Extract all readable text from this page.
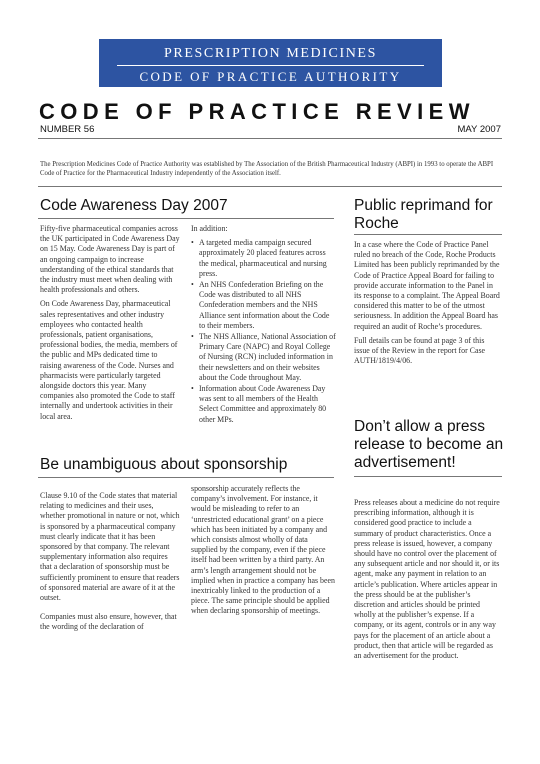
PRESCRIPTION MEDICINES
CODE OF PRACTICE AUTHORITY
CODE OF PRACTICE REVIEW
NUMBER 56	MAY 2007
The Prescription Medicines Code of Practice Authority was established by The Association of the British Pharmaceutical Industry (ABPI) in 1993 to operate the ABPI Code of Practice for the Pharmaceutical Industry independently of the Association itself.
Code Awareness Day 2007

Fifty-five pharmaceutical companies across the UK participated in Code Awareness Day on 15 May. Code Awareness Day is part of an ongoing campaign to increase understanding of the ethical standards that the industry must meet when dealing with health professionals and others.

On Code Awareness Day, pharmaceutical sales representatives and other industry employees who contacted health professionals, patient organisations, professional bodies, the media, members of the public and MPs dedicated time to raising awareness of the Code. Nurses and pharmacists were particularly targeted alongside doctors this year. Many companies also promoted the Code to staff internally and undertook activities in their local area.

In addition:

• A targeted media campaign secured approximately 20 placed features across the medical, pharmaceutical and nursing press.
• An NHS Confederation Briefing on the Code was distributed to all NHS Confederation members and the NHS Alliance sent information about the Code to their members.
• The NHS Alliance, National Association of Primary Care (NAPC) and Royal College of Nursing (RCN) included information in their newsletters and on their websites about the Code throughout May.
• Information about Code Awareness Day was sent to all members of the Health Select Committee and approximately 80 other MPs.
Public reprimand for Roche

In a case where the Code of Practice Panel ruled no breach of the Code, Roche Products Limited has been publicly reprimanded by the Code of Practice Appeal Board for failing to provide accurate information to the Panel in its response to a complaint. The Appeal Board considered this matter to be of the utmost seriousness. In addition the Appeal Board has required an audit of Roche’s procedures.

Full details can be found at page 3 of this issue of the Review in the report for Case AUTH/1819/4/06.

Be unambiguous about sponsorship

Clause 9.10 of the Code states that material relating to medicines and their uses, whether promotional in nature or not, which is sponsored by a pharmaceutical company must clearly indicate that it has been sponsored by that company. The relevant supplementary information also requires that a declaration of sponsorship must be sufficiently prominent to ensure that readers of sponsored material are aware of it at the outset.

Companies must also ensure, however, that the wording of the declaration of

sponsorship accurately reflects the company’s involvement. For instance, it would be misleading to refer to an ‘unrestricted educational grant’ on a piece which has been initiated by a company and which consists almost wholly of data supplied by the company, even if the piece itself had been written by a third party. An arm’s length arrangement should not be implied when in practice a company has been inextricably linked to the production of a piece. The same principle should be applied when declaring sponsorship of meetings.

Don’t allow a press release to become an advertisement!

Press releases about a medicine do not require prescribing information, although it is considered good practice to include a summary of product characteristics. Once a press release is issued, however, a company should have no control over the placement of any subsequent article and nor should it, or its agent, make any payment in relation to an article’s publication. Where articles appear in the press should be at the publisher’s discretion and articles should be printed wholly at the publisher’s expense. If a company, or its agent, controls or in any way pays for the placement of an article about a product, then that article will be regarded as an advertisement for the product.
